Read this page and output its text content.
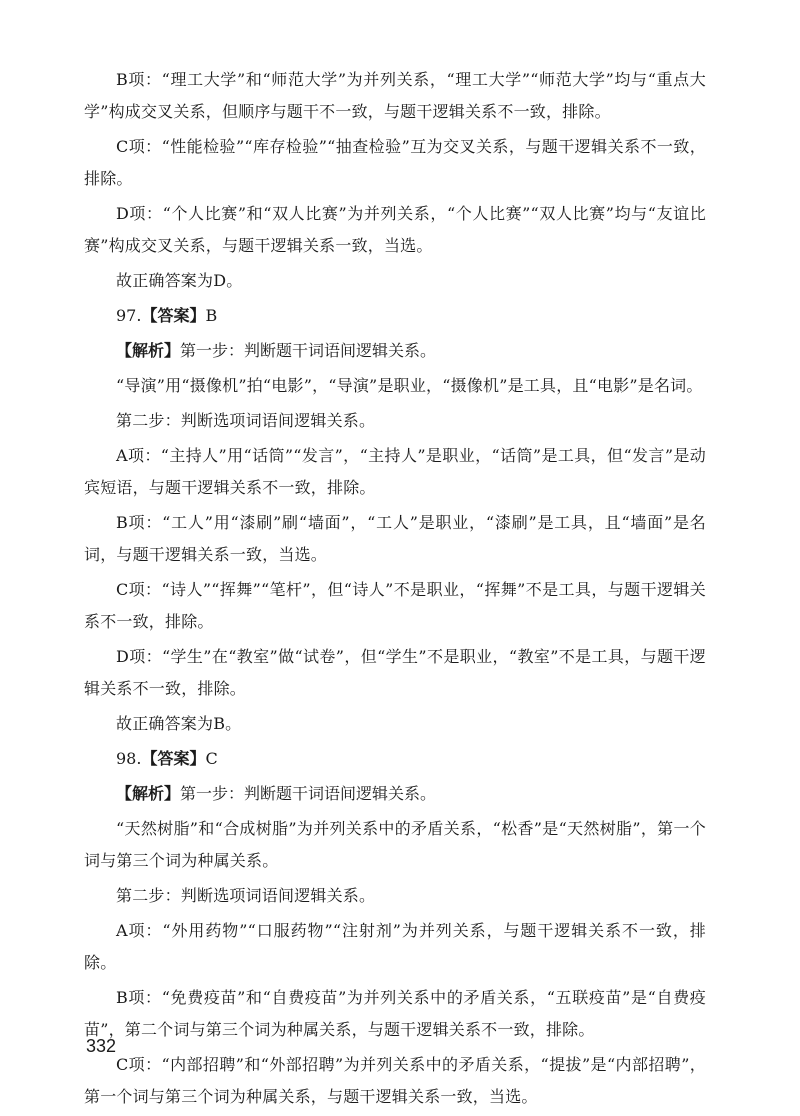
B项：“理工大学”和“师范大学”为并列关系，“理工大学”“师范大学”均与“重点大学”构成交叉关系，但顺序与题干不一致，与题干逻辑关系不一致，排除。

C项：“性能检验”“库存检验”“抽查检验”互为交叉关系，与题干逻辑关系不一致，排除。

D项：“个人比赛”和“双人比赛”为并列关系，“个人比赛”“双人比赛”均与“友谊比赛”构成交叉关系，与题干逻辑关系一致，当选。

故正确答案为D。

97.【答案】B

【解析】第一步：判断题干词语间逻辑关系。

“导演”用“摄像机”拍“电影”，“导演”是职业，“摄像机”是工具，且“电影”是名词。

第二步：判断选项词语间逻辑关系。

A项：“主持人”用“话筒”“发言”，“主持人”是职业，“话筒”是工具，但“发言”是动宾短语，与题干逻辑关系不一致，排除。

B项：“工人”用“漆刷”刷“墙面”，“工人”是职业，“漆刷”是工具，且“墙面”是名词，与题干逻辑关系一致，当选。

C项：“诗人”“挥舞”“笔杆”，但“诗人”不是职业，“挥舞”不是工具，与题干逻辑关系不一致，排除。

D项：“学生”在“教室”做“试卷”，但“学生”不是职业，“教室”不是工具，与题干逻辑关系不一致，排除。

故正确答案为B。

98.【答案】C

【解析】第一步：判断题干词语间逻辑关系。

“天然树脂”和“合成树脂”为并列关系中的矛盾关系，“松香”是“天然树脂”，第一个词与第三个词为种属关系。

第二步：判断选项词语间逻辑关系。

A项：“外用药物”“口服药物”“注射剂”为并列关系，与题干逻辑关系不一致，排除。

B项：“免费疫苗”和“自费疫苗”为并列关系中的矛盾关系，“五联疫苗”是“自费疫苗”，第二个词与第三个词为种属关系，与题干逻辑关系不一致，排除。

C项：“内部招聘”和“外部招聘”为并列关系中的矛盾关系，“提拔”是“内部招聘”，第一个词与第三个词为种属关系，与题干逻辑关系一致，当选。

332
